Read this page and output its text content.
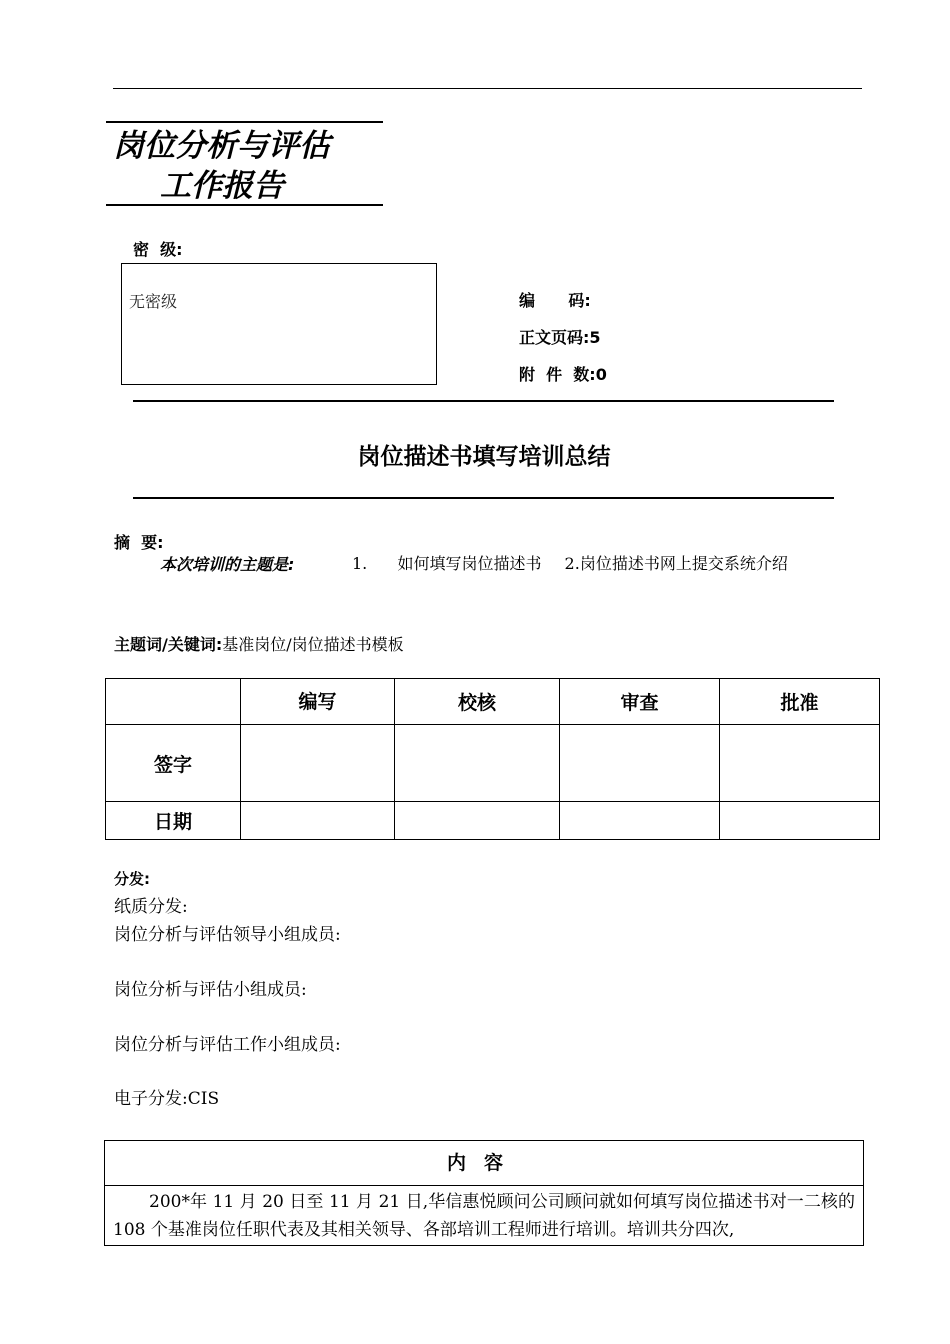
岗位分析与评估
工作报告
密  级:
无密级	编      码:
正文页码:5
附  件  数:0
岗位描述书填写培训总结
摘  要:
本次培训的主题是:	1.  如何填写岗位描述书 2.岗位描述书网上提交系统介绍
主题词/关键词:基准岗位/岗位描述书模板
	编写	校核	审查	批准
签字				
日期				
分发:
纸质分发:
岗位分析与评估领导小组成员:
岗位分析与评估小组成员:
岗位分析与评估工作小组成员:
电子分发:CIS
内容
200*年 11 月 20 日至 11 月 21 日,华信惠悦顾问公司顾问就如何填写岗位描述书对一二核的 108 个基准岗位任职代表及其相关领导、各部培训工程师进行培训。培训共分四次,
